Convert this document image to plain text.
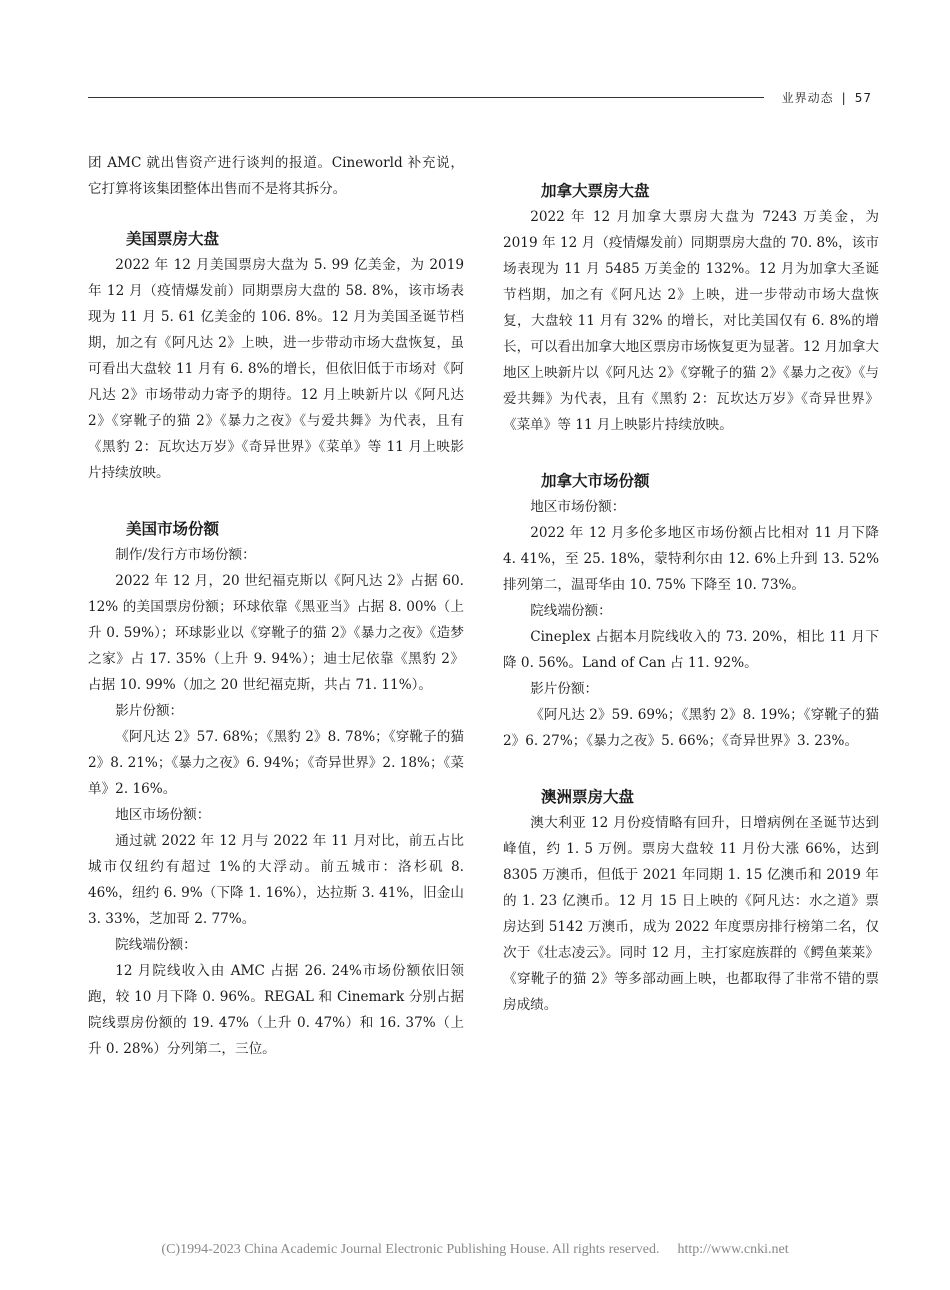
业界动态 | 57

团 AMC 就出售资产进行谈判的报道。Cineworld 补充说，它打算将该集团整体出售而不是将其拆分。

美国票房大盘

2022 年 12 月美国票房大盘为 5. 99 亿美金，为 2019 年 12 月（疫情爆发前）同期票房大盘的 58. 8%，该市场表现为 11 月 5. 61 亿美金的 106. 8%。12 月为美国圣诞节档期，加之有《阿凡达 2》上映，进一步带动市场大盘恢复，虽可看出大盘较 11 月有 6. 8%的增长，但依旧低于市场对《阿凡达 2》市场带动力寄予的期待。12 月上映新片以《阿凡达 2》《穿靴子的猫 2》《暴力之夜》《与爱共舞》为代表，且有《黑豹 2：瓦坎达万岁》《奇异世界》《菜单》等 11 月上映影片持续放映。

美国市场份额

制作/发行方市场份额：

2022 年 12 月，20 世纪福克斯以《阿凡达 2》占据 60. 12% 的美国票房份额；环球依靠《黑亚当》占据 8. 00%（上升 0. 59%）；环球影业以《穿靴子的猫 2》《暴力之夜》《造梦之家》占 17. 35%（上升 9. 94%）；迪士尼依靠《黑豹 2》占据 10. 99%（加之 20 世纪福克斯，共占 71. 11%）。

影片份额：

《阿凡达 2》57. 68%；《黑豹 2》8. 78%；《穿靴子的猫 2》8. 21%；《暴力之夜》6. 94%；《奇异世界》2. 18%；《菜单》2. 16%。

地区市场份额：

通过就 2022 年 12 月与 2022 年 11 月对比，前五占比城市仅纽约有超过 1%的大浮动。前五城市：洛杉矶 8. 46%，纽约 6. 9%（下降 1. 16%），达拉斯 3. 41%，旧金山 3. 33%，芝加哥 2. 77%。

院线端份额：

12 月院线收入由 AMC 占据 26. 24%市场份额依旧领跑，较 10 月下降 0. 96%。REGAL 和 Cinemark 分别占据院线票房份额的 19. 47%（上升 0. 47%）和 16. 37%（上升 0. 28%）分列第二，三位。

加拿大票房大盘

2022 年 12 月加拿大票房大盘为 7243 万美金，为 2019 年 12 月（疫情爆发前）同期票房大盘的 70. 8%，该市场表现为 11 月 5485 万美金的 132%。12 月为加拿大圣诞节档期，加之有《阿凡达 2》上映，进一步带动市场大盘恢复，大盘较 11 月有 32% 的增长，对比美国仅有 6. 8%的增长，可以看出加拿大地区票房市场恢复更为显著。12 月加拿大地区上映新片以《阿凡达 2》《穿靴子的猫 2》《暴力之夜》《与爱共舞》为代表，且有《黑豹 2：瓦坎达万岁》《奇异世界》《菜单》等 11 月上映影片持续放映。

加拿大市场份额

地区市场份额：

2022 年 12 月多伦多地区市场份额占比相对 11 月下降 4. 41%，至 25. 18%，蒙特利尔由 12. 6%上升到 13. 52% 排列第二，温哥华由 10. 75% 下降至 10. 73%。

院线端份额：

Cineplex 占据本月院线收入的 73. 20%，相比 11 月下降 0. 56%。Land of Can 占 11. 92%。

影片份额：

《阿凡达 2》59. 69%；《黑豹 2》8. 19%；《穿靴子的猫 2》6. 27%；《暴力之夜》5. 66%；《奇异世界》3. 23%。

澳洲票房大盘

澳大利亚 12 月份疫情略有回升，日增病例在圣诞节达到峰值，约 1. 5 万例。票房大盘较 11 月份大涨 66%，达到 8305 万澳币，但低于 2021 年同期 1. 15 亿澳币和 2019 年的 1. 23 亿澳币。12 月 15 日上映的《阿凡达：水之道》票房达到 5142 万澳币，成为 2022 年度票房排行榜第二名，仅次于《壮志凌云》。同时 12 月，主打家庭族群的《鳄鱼莱莱》《穿靴子的猫 2》等多部动画上映，也都取得了非常不错的票房成绩。

(C)1994-2023 China Academic Journal Electronic Publishing House. All rights reserved. http://www.cnki.net
